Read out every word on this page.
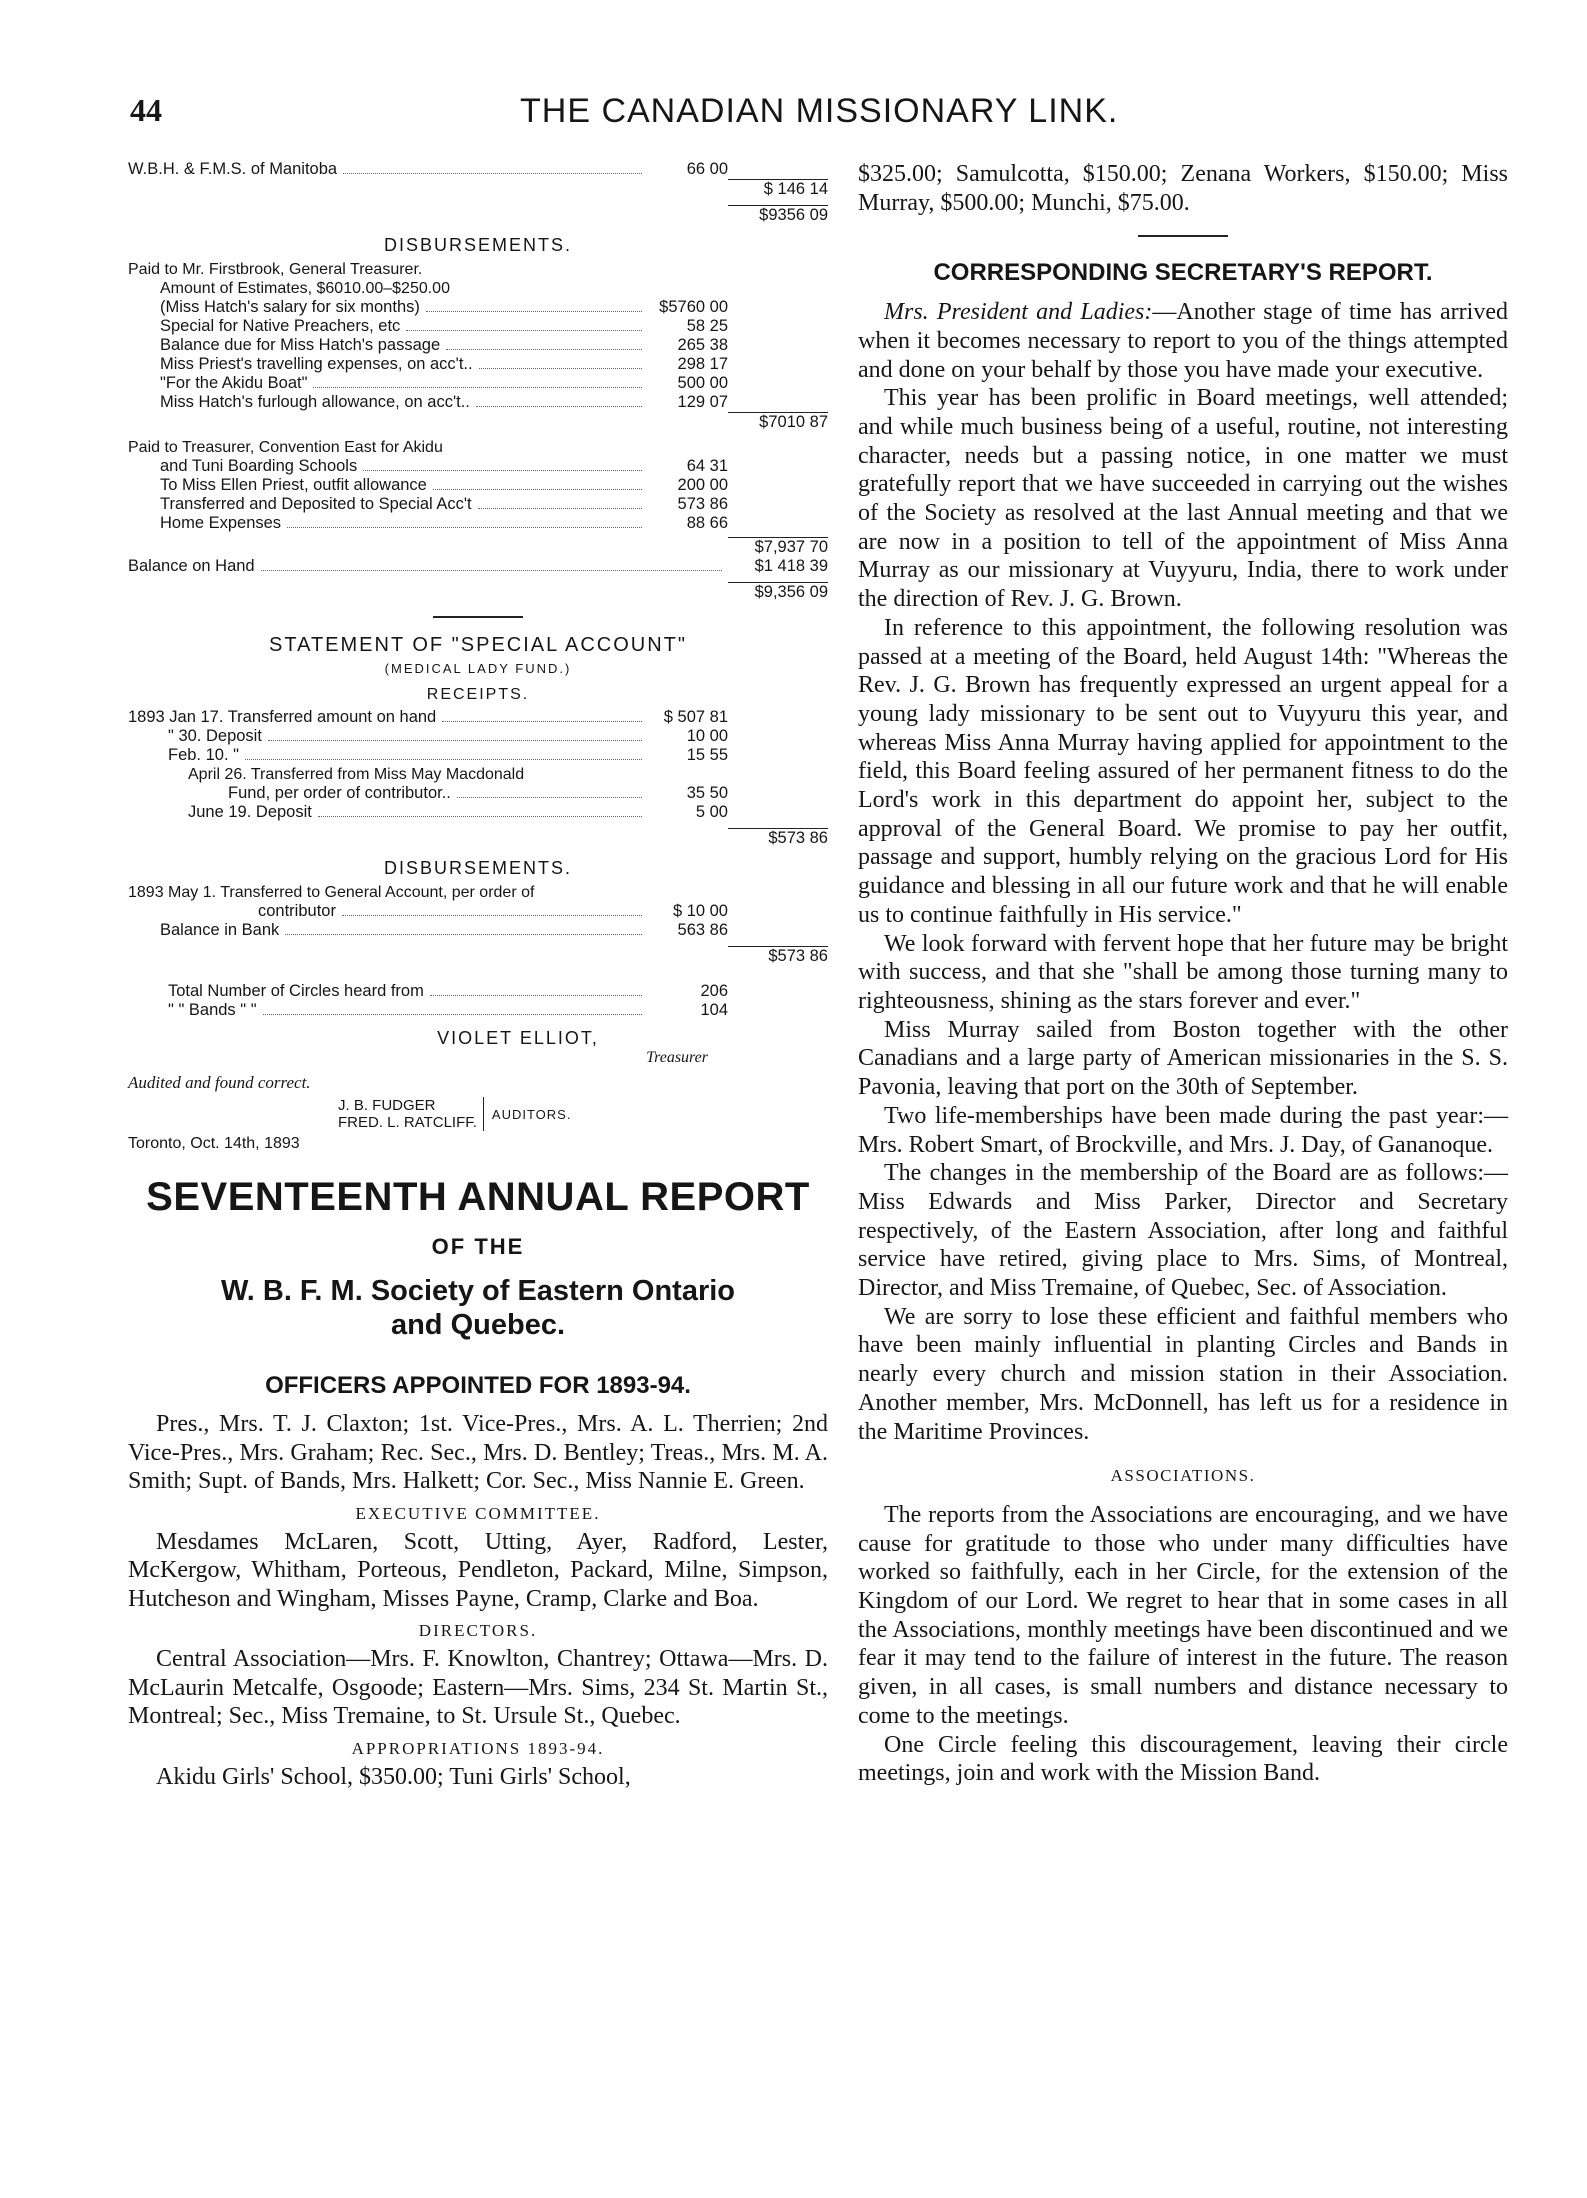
44	THE CANADIAN MISSIONARY LINK.
W.B.H. & F.M.S. of Manitoba	66 00
$ 146 14
$9356 09
DISBURSEMENTS.
Paid to Mr. Firstbrook, General Treasurer.
Amount of Estimates, $6010.00–$250.00
(Miss Hatch's salary for six months)	$5760 00
Special for Native Preachers, etc	58 25
Balance due for Miss Hatch's passage	265 38
Miss Priest's travelling expenses, on acc't..	298 17
"For the Akidu Boat"	500 00
Miss Hatch's furlough allowance, on acc't..	129 07
$7010 87
Paid to Treasurer, Convention East for Akidu
and Tuni Boarding Schools	64 31
To Miss Ellen Priest, outfit allowance	200 00
Transferred and Deposited to Special Acc't	573 86
Home Expenses	88 66
$7,937 70
Balance on Hand	$1 418 39
$9,356 09
STATEMENT OF "SPECIAL ACCOUNT"
(MEDICAL LADY FUND.)
RECEIPTS.
1893 Jan 17. Transferred amount on hand	$ 507 81
" 30. Deposit	10 00
Feb. 10. "	15 55
April 26. Transferred from Miss May Macdonald
Fund, per order of contributor..	35 50
June 19. Deposit	5 00
$573 86
DISBURSEMENTS.
1893 May 1. Transferred to General Account, per order of
contributor	$ 10 00
Balance in Bank	563 86
$573 86
Total Number of Circles heard from	206
" " Bands " "	104
VIOLET ELLIOT,
Treasurer
Audited and found correct.
J. B. FUDGER
FRED. L. RATCLIFF. AUDITORS.
Toronto, Oct. 14th, 1893
SEVENTEENTH ANNUAL REPORT
OF THE
W. B. F. M. Society of Eastern Ontario
and Quebec.
OFFICERS APPOINTED FOR 1893-94.

Pres., Mrs. T. J. Claxton; 1st. Vice-Pres., Mrs. A. L. Therrien; 2nd Vice-Pres., Mrs. Graham; Rec. Sec., Mrs. D. Bentley; Treas., Mrs. M. A. Smith; Supt. of Bands, Mrs. Halkett; Cor. Sec., Miss Nannie E. Green.

EXECUTIVE COMMITTEE.

Mesdames McLaren, Scott, Utting, Ayer, Radford, Lester, McKergow, Whitham, Porteous, Pendleton, Packard, Milne, Simpson, Hutcheson and Wingham, Misses Payne, Cramp, Clarke and Boa.

DIRECTORS.

Central Association—Mrs. F. Knowlton, Chantrey; Ottawa—Mrs. D. McLaurin Metcalfe, Osgoode; Eastern—Mrs. Sims, 234 St. Martin St., Montreal; Sec., Miss Tremaine, to St. Ursule St., Quebec.

APPROPRIATIONS 1893-94.

Akidu Girls' School, $350.00; Tuni Girls' School,

$325.00; Samulcotta, $150.00; Zenana Workers, $150.00; Miss Murray, $500.00; Munchi, $75.00.

CORRESPONDING SECRETARY'S REPORT.

Mrs. President and Ladies:—Another stage of time has arrived when it becomes necessary to report to you of the things attempted and done on your behalf by those you have made your executive.

This year has been prolific in Board meetings, well attended; and while much business being of a useful, routine, not interesting character, needs but a passing notice, in one matter we must gratefully report that we have succeeded in carrying out the wishes of the Society as resolved at the last Annual meeting and that we are now in a position to tell of the appointment of Miss Anna Murray as our missionary at Vuyyuru, India, there to work under the direction of Rev. J. G. Brown.

In reference to this appointment, the following resolution was passed at a meeting of the Board, held August 14th: "Whereas the Rev. J. G. Brown has frequently expressed an urgent appeal for a young lady missionary to be sent out to Vuyyuru this year, and whereas Miss Anna Murray having applied for appointment to the field, this Board feeling assured of her permanent fitness to do the Lord's work in this department do appoint her, subject to the approval of the General Board. We promise to pay her outfit, passage and support, humbly relying on the gracious Lord for His guidance and blessing in all our future work and that he will enable us to continue faithfully in His service."

We look forward with fervent hope that her future may be bright with success, and that she "shall be among those turning many to righteousness, shining as the stars forever and ever."

Miss Murray sailed from Boston together with the other Canadians and a large party of American missionaries in the S. S. Pavonia, leaving that port on the 30th of September.

Two life-memberships have been made during the past year:—Mrs. Robert Smart, of Brockville, and Mrs. J. Day, of Gananoque.

The changes in the membership of the Board are as follows:—Miss Edwards and Miss Parker, Director and Secretary respectively, of the Eastern Association, after long and faithful service have retired, giving place to Mrs. Sims, of Montreal, Director, and Miss Tremaine, of Quebec, Sec. of Association.

We are sorry to lose these efficient and faithful members who have been mainly influential in planting Circles and Bands in nearly every church and mission station in their Association. Another member, Mrs. McDonnell, has left us for a residence in the Maritime Provinces.

ASSOCIATIONS.

The reports from the Associations are encouraging, and we have cause for gratitude to those who under many difficulties have worked so faithfully, each in her Circle, for the extension of the Kingdom of our Lord. We regret to hear that in some cases in all the Associations, monthly meetings have been discontinued and we fear it may tend to the failure of interest in the future. The reason given, in all cases, is small numbers and distance necessary to come to the meetings.

One Circle feeling this discouragement, leaving their circle meetings, join and work with the Mission Band.
